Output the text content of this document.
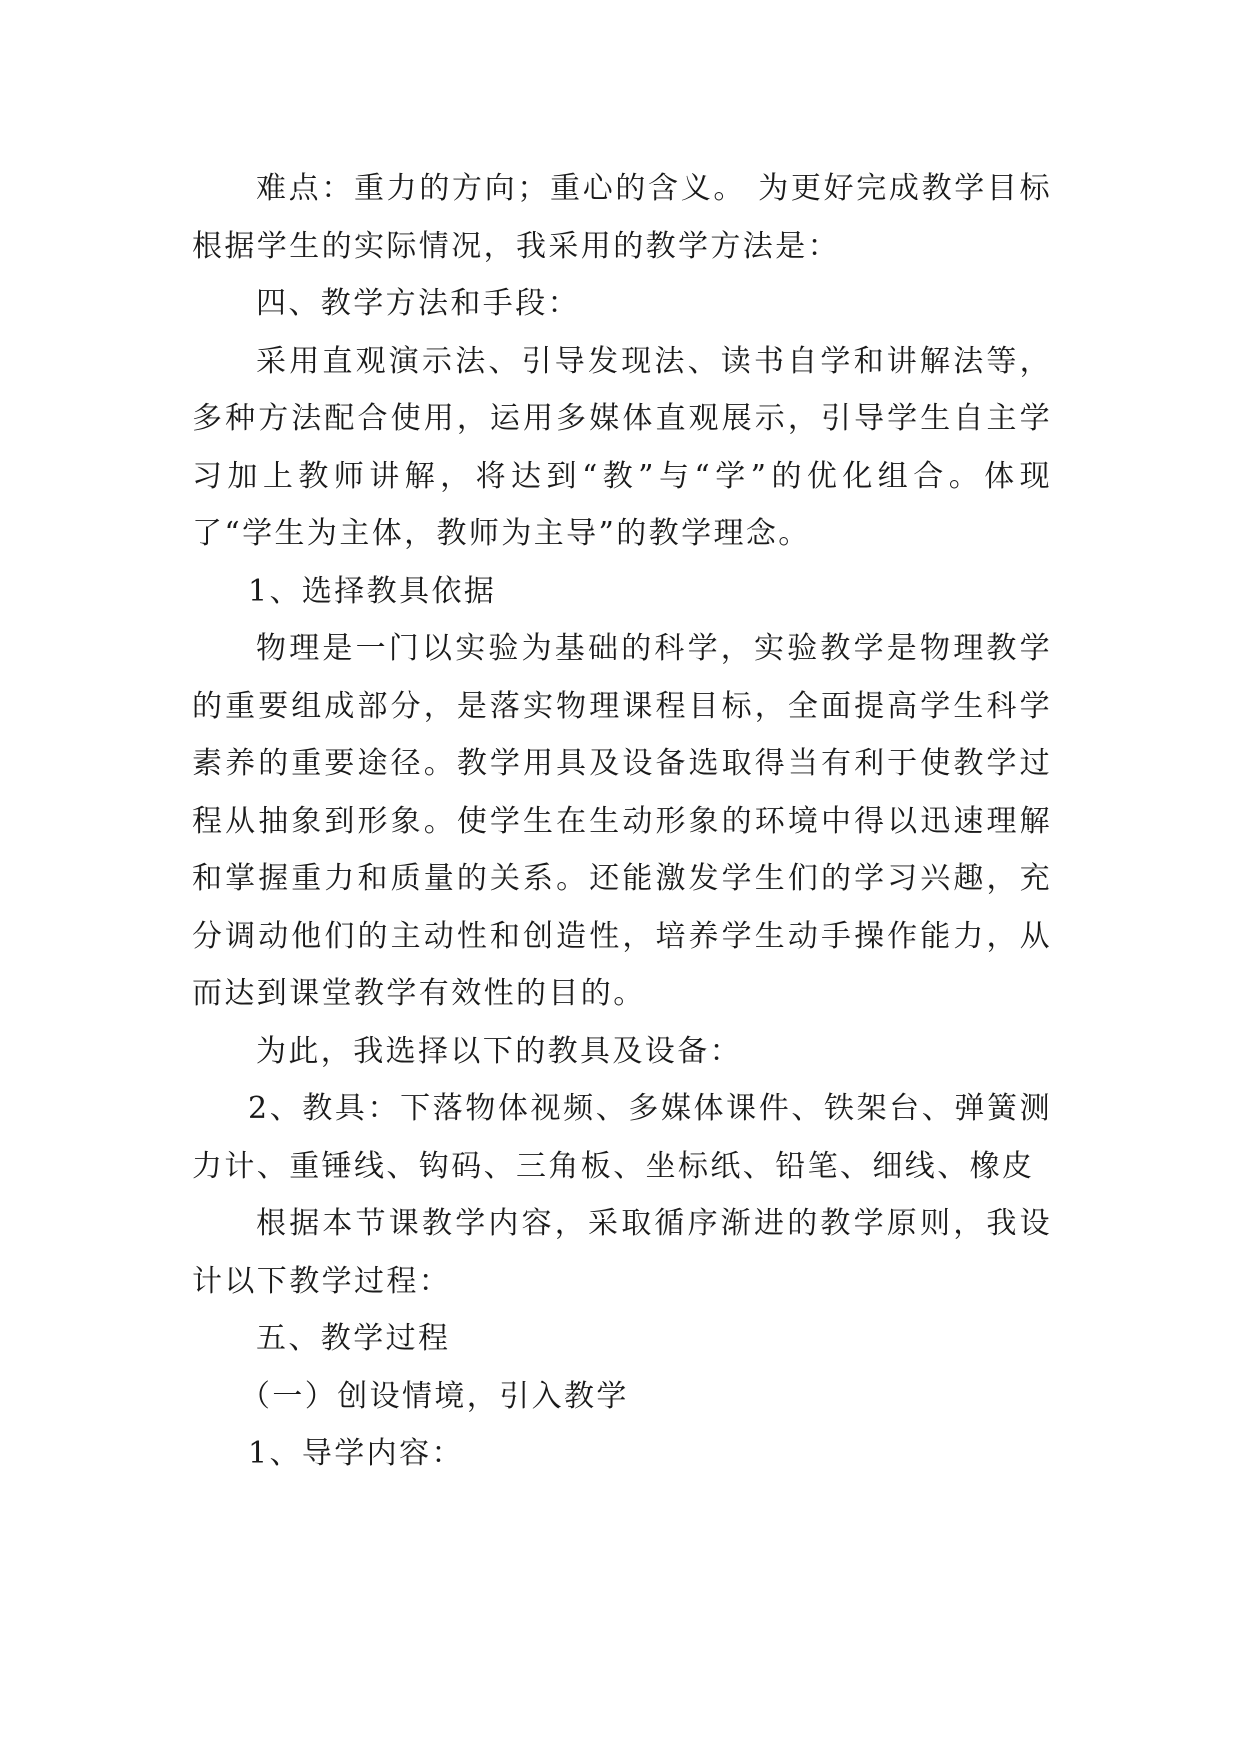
难点：重力的方向；重心的含义。 为更好完成教学目标根据学生的实际情况，我采用的教学方法是：

四、教学方法和手段：

采用直观演示法、引导发现法、读书自学和讲解法等，多种方法配合使用，运用多媒体直观展示，引导学生自主学习加上教师讲解，将达到“教”与“学”的优化组合。体现了“学生为主体，教师为主导”的教学理念。

1、选择教具依据

物理是一门以实验为基础的科学，实验教学是物理教学的重要组成部分，是落实物理课程目标，全面提高学生科学素养的重要途径。教学用具及设备选取得当有利于使教学过程从抽象到形象。使学生在生动形象的环境中得以迅速理解和掌握重力和质量的关系。还能激发学生们的学习兴趣，充分调动他们的主动性和创造性，培养学生动手操作能力，从而达到课堂教学有效性的目的。

为此，我选择以下的教具及设备：

2、教具：下落物体视频、多媒体课件、铁架台、弹簧测力计、重锤线、钩码、三角板、坐标纸、铅笔、细线、橡皮

根据本节课教学内容，采取循序渐进的教学原则，我设计以下教学过程：

五、教学过程

（一）创设情境，引入教学

1、导学内容：
